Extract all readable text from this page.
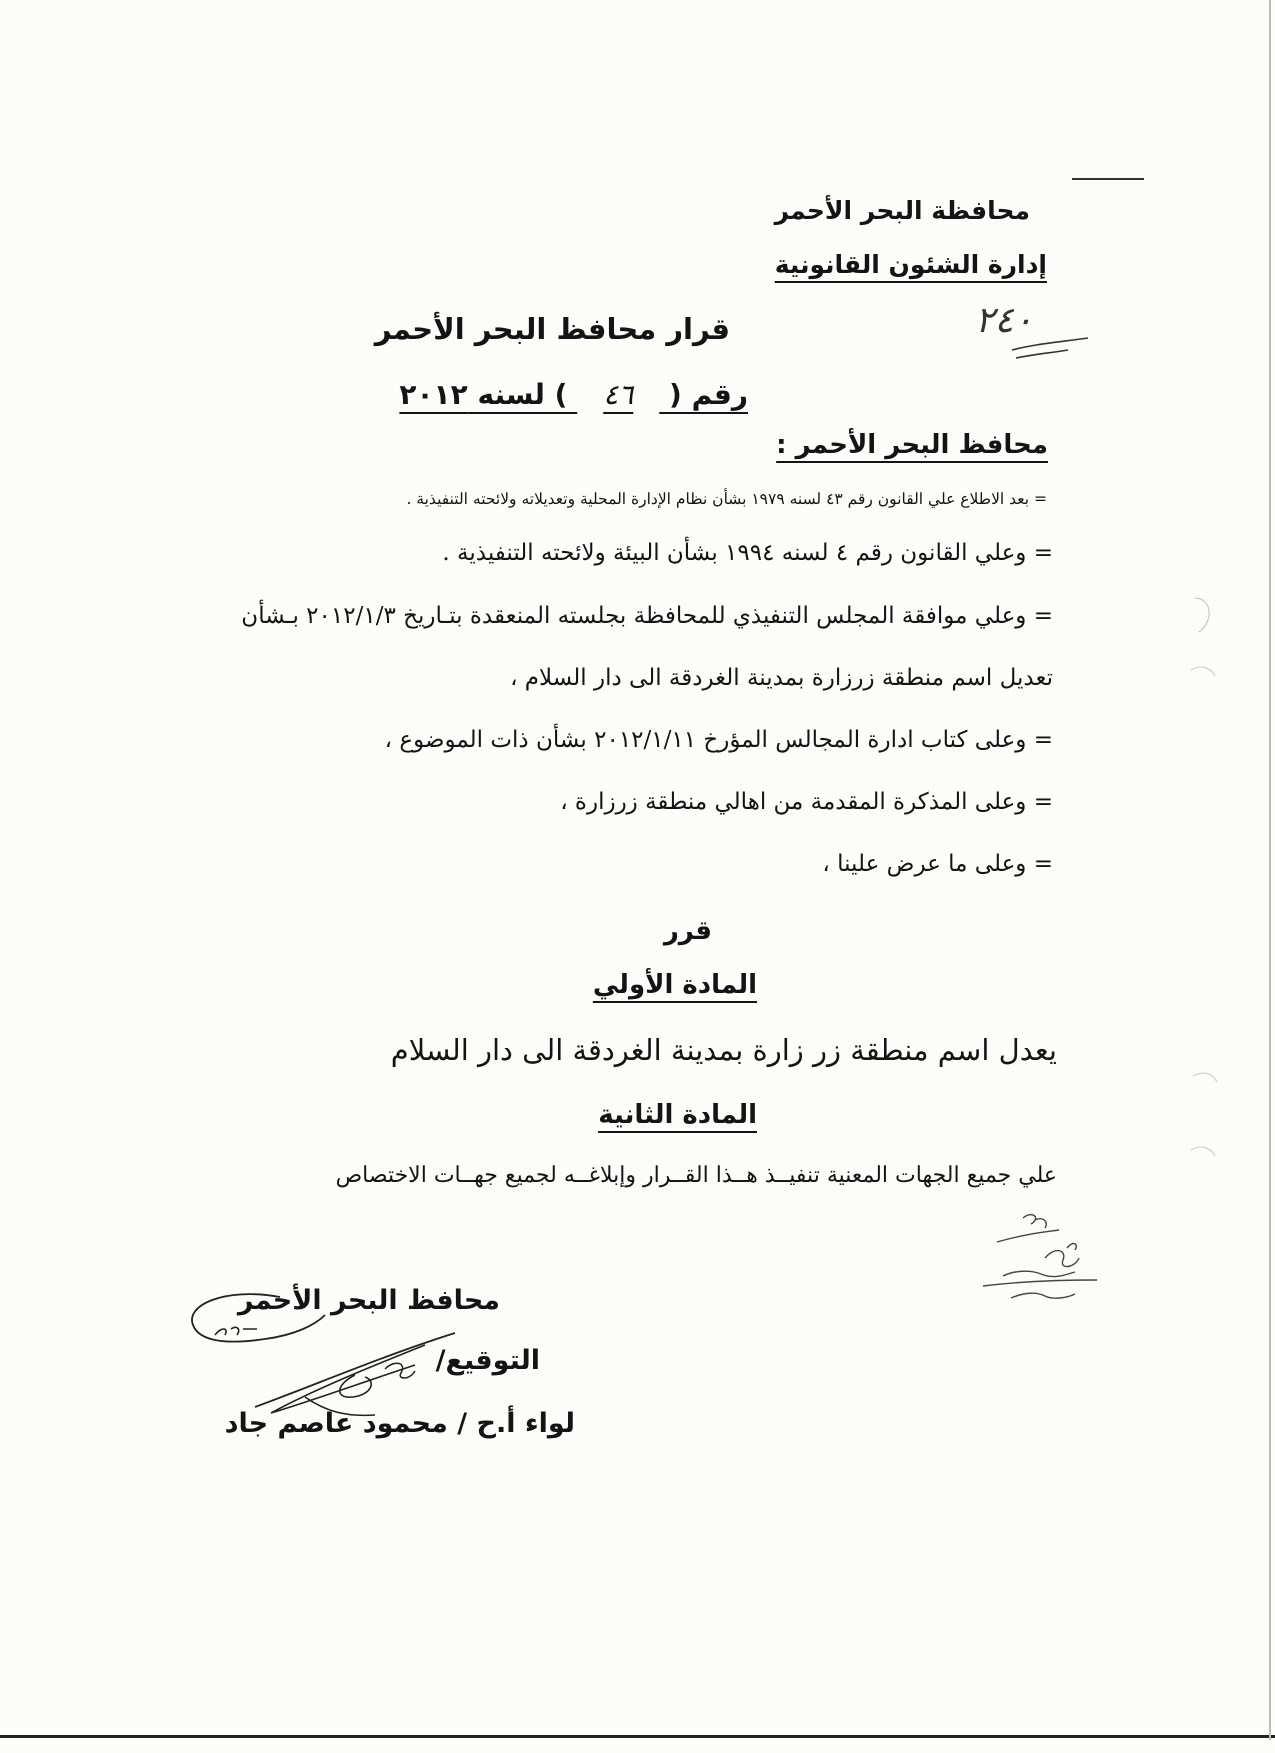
محافظة البحر الأحمر
إدارة الشئون القانونية
٢٤٠
قرار محافظ البحر الأحمر
رقم ( ٤٦ ) لسنه ٢٠١٢
محافظ البحر الأحمر :
= بعد الاطلاع علي القانون رقم ٤٣ لسنه ١٩٧٩ بشأن نظام الإدارة المحلية وتعديلاته ولائحته التنفيذية .
= وعلي القانون رقم ٤ لسنه ١٩٩٤ بشأن البيئة ولائحته التنفيذية .
= وعلي موافقة المجلس التنفيذي للمحافظة بجلسته المنعقدة بتـاريخ ٢٠١٢/١/٣ بـشأن
تعديل اسم منطقة زرزارة بمدينة الغردقة الى دار السلام ،
= وعلى كتاب ادارة المجالس المؤرخ ٢٠١٢/١/١١ بشأن ذات الموضوع ،
= وعلى المذكرة المقدمة من اهالي منطقة زرزارة ،
= وعلى ما عرض علينا ،
قرر
المادة الأولي
يعدل اسم منطقة زر زارة بمدينة الغردقة الى دار السلام
المادة الثانية
علي جميع الجهات المعنية تنفيــذ هــذا القــرار وإبلاغــه لجميع جهــات الاختصاص
محافظ البحر الأحمر
التوقيع/
لواء أ.ح / محمود عاصم جاد
